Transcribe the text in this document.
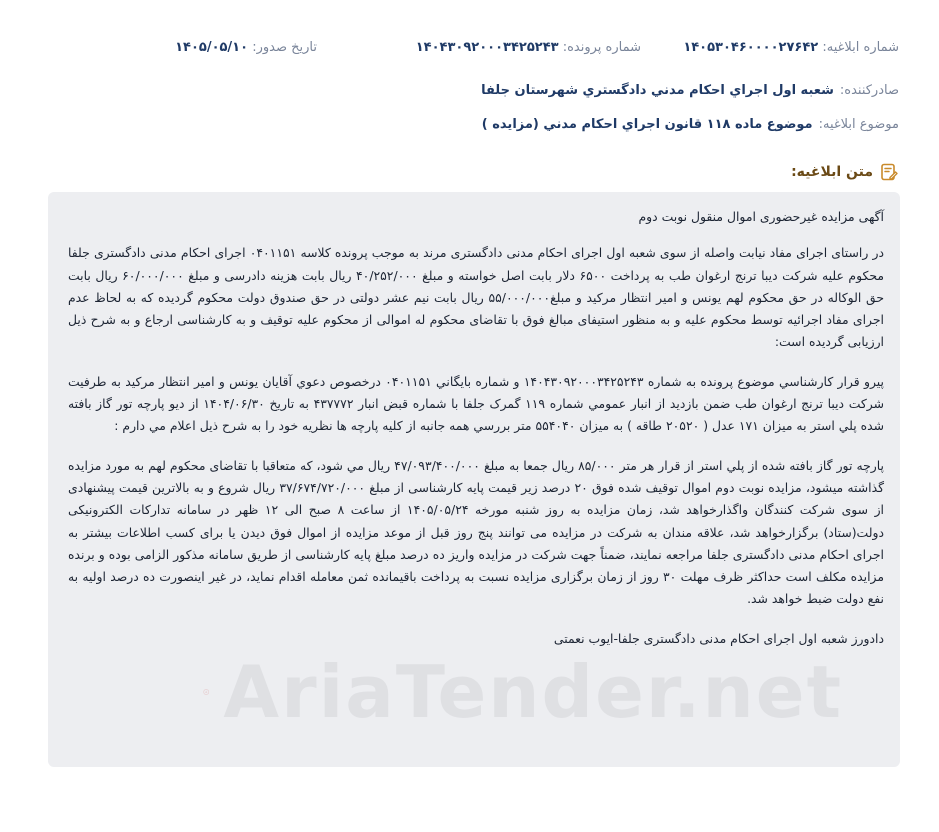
شماره ابلاغیه: ۱۴۰۵۳۰۴۶۰۰۰۰۲۷۶۴۲
شماره پرونده: ۱۴۰۴۳۰۹۲۰۰۰۳۴۲۵۲۴۳
تاریخ صدور: ۱۴۰۵/۰۵/۱۰
صادرکننده:
شعبه اول اجراي احکام مدني دادگستري شهرستان جلفا
موضوع ابلاغیه:
موضوع ماده ۱۱۸ قانون اجراي احکام مدني (مزايده )
متن ابلاغیه:
AriaTender.net

آگهی مزایده غیرحضوری اموال منقول نوبت دوم

در راستای اجرای مفاد نیابت واصله از سوی شعبه اول اجرای احکام مدنی دادگستری مرند به موجب پرونده کلاسه ۰۴۰۱۱۵۱ اجرای احکام مدنی دادگستری جلفا محکوم علیه شرکت دیبا ترنج ارغوان طب به پرداخت ۶۵۰۰ دلار بابت اصل خواسته و مبلغ ۴۰/۲۵۲/۰۰۰ ریال بابت هزینه دادرسی و مبلغ ۶۰/۰۰۰/۰۰۰ ریال بابت حق الوکاله در حق محکوم لهم یونس و امیر انتظار مرکید و مبلغ۵۵/۰۰۰/۰۰۰ ریال بابت نیم عشر دولتی در حق صندوق دولت محکوم گردیده که به لحاظ عدم اجرای مفاد اجرائیه توسط محکوم علیه و به منظور استیفای مبالغ فوق با تقاضای محکوم له اموالی از محکوم علیه توقیف و به کارشناسی ارجاع و به شرح ذیل ارزیابی گردیده است:

پیرو قرار کارشناسي موضوع پرونده به شماره ۱۴۰۴۳۰۹۲۰۰۰۳۴۲۵۲۴۳ و شماره بايگاني ۰۴۰۱۱۵۱ درخصوص دعوي آقايان يونس و امير انتظار مركيد به طرفيت شركت ديبا ترنج ارغوان طب ضمن بازديد از انبار عمومي شماره ۱۱۹ گمرک جلفا با شماره قبض انبار ۴۳۷۷۷۲ به تاريخ ۱۴۰۴/۰۶/۳۰ از ديو پارچه تور گاز بافته شده پلي استر به ميزان ۱۷۱ عدل ( ۲۰۵۲۰ طاقه ) به ميزان ۵۵۴۰۴۰ متر بررسي همه جانبه از كليه پارچه ها نظريه خود را به شرح ذيل اعلام مي دارم :

پارچه تور گاز بافته شده از پلي استر از قرار هر متر ۸۵/۰۰۰ ريال جمعا به مبلغ ۴۷/۰۹۳/۴۰۰/۰۰۰ ريال مي شود، که متعاقبا با تقاضای محکوم لهم به مورد مزایده گذاشته میشود، مزایده نوبت دوم اموال توقیف شده فوق ۲۰ درصد زیر قیمت پایه کارشناسی از مبلغ ۳۷/۶۷۴/۷۲۰/۰۰۰ ریال شروع و به بالاترین قیمت پیشنهادی از سوی شرکت کنندگان واگذارخواهد شد، زمان مزایده به روز شنبه مورخه ۱۴۰۵/۰۵/۲۴ از ساعت ۸ صبح الی ۱۲ ظهر در سامانه تدارکات الکترونیکی دولت(ستاد) برگزارخواهد شد، علاقه مندان به شرکت در مزایده می توانند پنج روز قبل از موعد مزایده از اموال فوق دیدن یا برای کسب اطلاعات بیشتر به اجرای احکام مدنی دادگستری جلفا مراجعه نمایند، ضمناً جهت شرکت در مزایده واریز ده درصد مبلغ پایه کارشناسی از طریق سامانه مذکور الزامی بوده و برنده مزایده مکلف است حداکثر ظرف مهلت ۳۰ روز از زمان برگزاری مزایده نسبت به پرداخت باقیمانده ثمن معامله اقدام نماید، در غیر اینصورت ده درصد اولیه به نفع دولت ضبط خواهد شد.

دادورز شعبه اول اجرای احکام مدنی دادگستری جلفا-ایوب نعمتی
